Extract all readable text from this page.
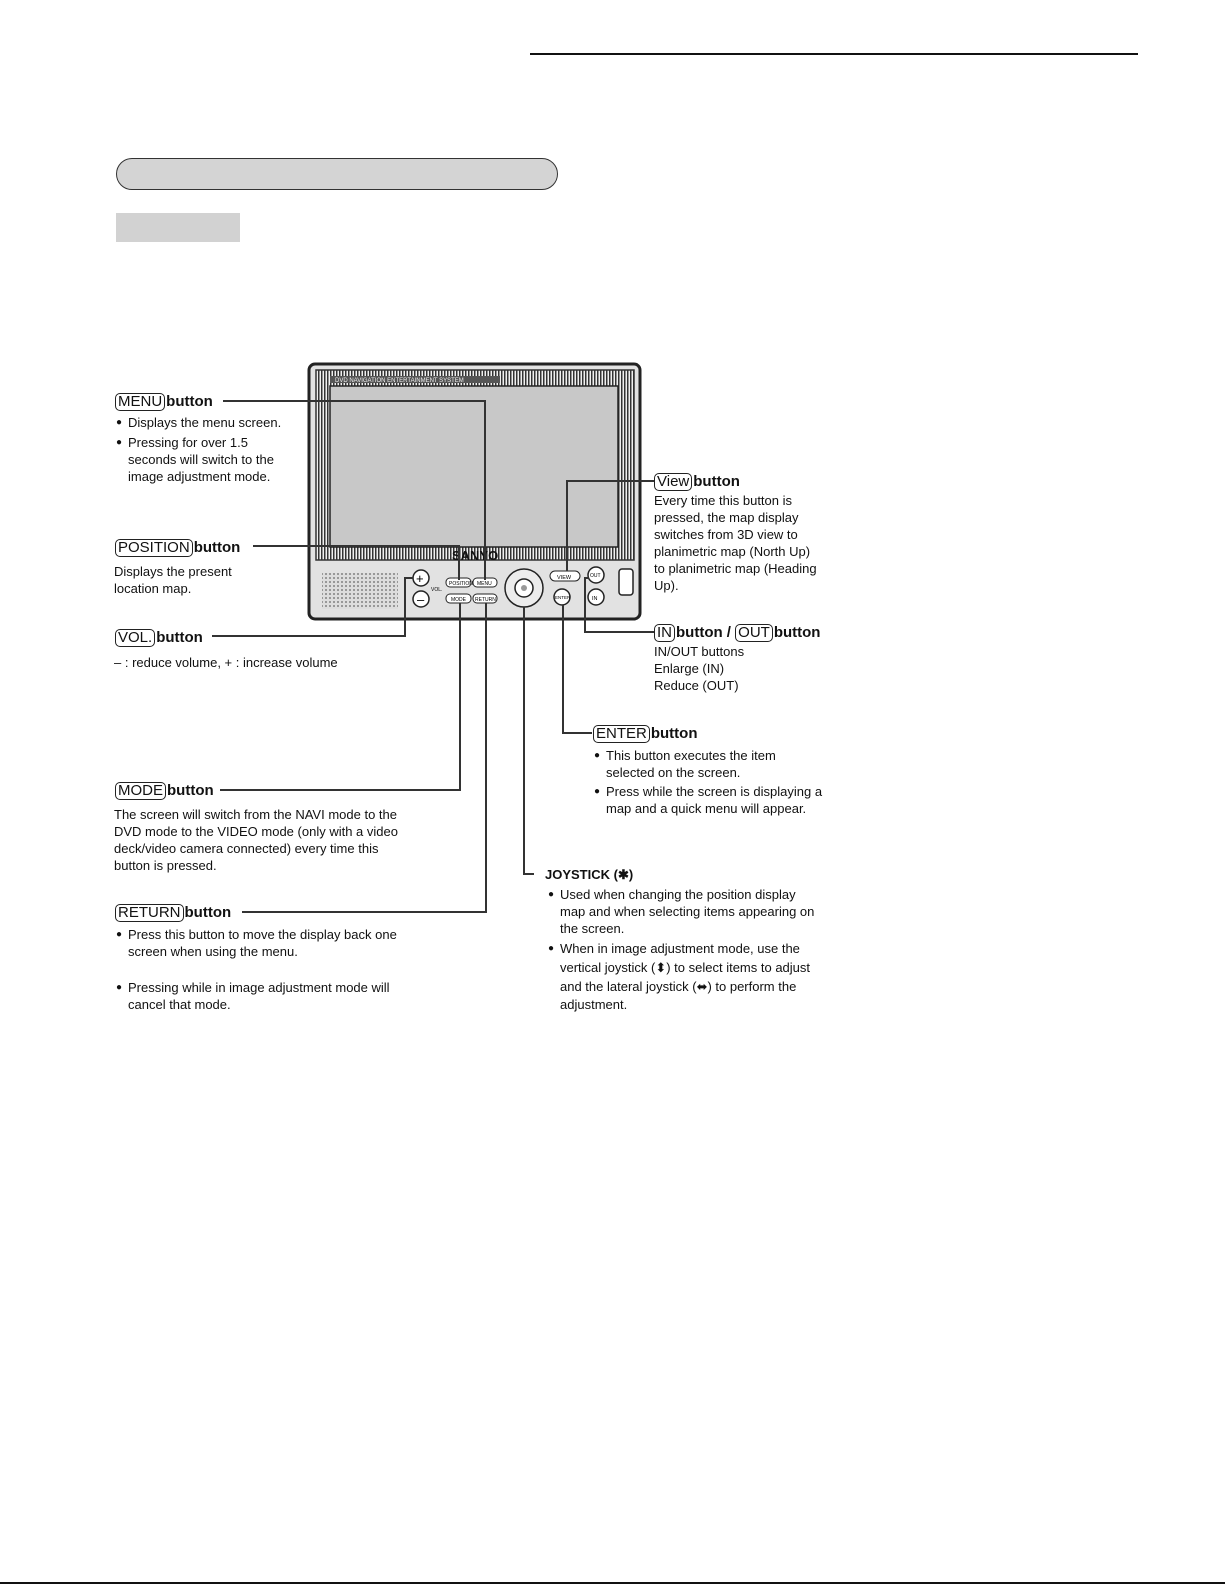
DVD NAVIGATION ENTERTAINMENT SYSTEM
SANYO
+
–
VOL.
POSITION MENU
MODE RETURN
VIEW
ENTER
OUT
IN
MENU button
● Displays the menu screen.
● Pressing for over 1.5
seconds will switch to the
image adjustment mode.
POSITION button
Displays the present
location map.
VOL. button
– : reduce volume, + : increase volume
MODE button
The screen will switch from the NAVI mode to the
DVD mode to the VIDEO mode (only with a video
deck/video camera connected) every time this
button is pressed.
RETURN button
● Press this button to move the display back one
screen when using the menu.
● Pressing while in image adjustment mode will
cancel that mode.
View button
Every time this button is
pressed, the map display
switches from 3D view to
planimetric map (North Up)
to planimetric map (Heading
Up).
IN button / OUT button
IN/OUT buttons
Enlarge (IN)
Reduce (OUT)
ENTER button
● This button executes the item
selected on the screen.
● Press while the screen is displaying a
map and a quick menu will appear.
JOYSTICK (✱)
● Used when changing the position display
map and when selecting items appearing on
the screen.
● When in image adjustment mode, use the
vertical joystick (⬍) to select items to adjust
and the lateral joystick (⬌) to perform the
adjustment.
